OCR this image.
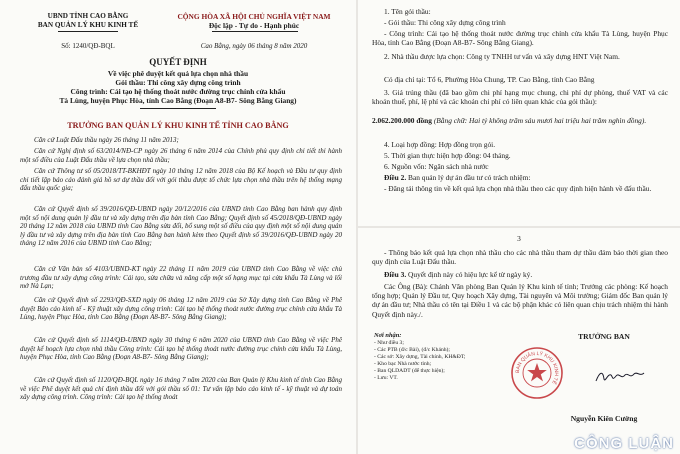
UBND TỈNH CAO BẰNG
BAN QUẢN LÝ KHU KINH TẾ
CỘNG HÒA XÃ HỘI CHỦ NGHĨA VIỆT NAM
Độc lập - Tự do - Hạnh phúc
Số: 1240/QĐ-BQL	Cao Bằng, ngày 06 tháng 8 năm 2020
QUYẾT ĐỊNH
Về việc phê duyệt kết quả lựa chọn nhà thầu
Gói thầu: Thi công xây dựng công trình
Công trình: Cải tạo hệ thống thoát nước đường trục chính cửa khẩu
Tà Lùng, huyện Phục Hòa, tỉnh Cao Bằng (Đoạn A8-B7- Sông Bằng Giang)
TRƯỞNG BAN QUẢN LÝ KHU KINH TẾ TỈNH CAO BẰNG
Căn cứ Luật Đấu thầu ngày 26 tháng 11 năm 2013;
Căn cứ Nghị định số 63/2014/NĐ-CP ngày 26 tháng 6 năm 2014 của Chính phủ quy định chi tiết thi hành một số điều của Luật Đấu thầu về lựa chọn nhà thầu;
Căn cứ Thông tư số 05/2018/TT-BKHĐT ngày 10 tháng 12 năm 2018 của Bộ Kế hoạch và Đầu tư quy định chi tiết lập báo cáo đánh giá hồ sơ dự thầu đối với gói thầu được tổ chức lựa chọn nhà thầu trên hệ thống mạng đấu thầu quốc gia;
Căn cứ Quyết định số 39/2016/QĐ-UBND ngày 20/12/2016 của UBND tỉnh Cao Bằng ban hành quy định một số nội dung quản lý đầu tư và xây dựng trên địa bàn tỉnh Cao Bằng; Quyết định số 45/2018/QĐ-UBND ngày 20 tháng 12 năm 2018 của UBND tỉnh Cao Bằng sửa đổi, bổ sung một số điều của quy định một số nội dung quản lý đầu tư và xây dựng trên địa bàn tỉnh Cao Bằng ban hành kèm theo Quyết định số 39/2016/QĐ-UBND ngày 20 tháng 12 năm 2016 của UBND tỉnh Cao Bằng;
Căn cứ Văn bản số 4103/UBND-KT ngày 22 tháng 11 năm 2019 của UBND tỉnh Cao Bằng về việc chủ trương đầu tư xây dựng công trình: Cải tạo, sửa chữa và nâng cấp một số hạng mục tại cửa khẩu Tà Lùng và lối mở Nà Lạn;
Căn cứ Quyết định số 2293/QĐ-SXD ngày 06 tháng 12 năm 2019 của Sở Xây dựng tỉnh Cao Bằng về Phê duyệt Báo cáo kinh tế - Kỹ thuật xây dựng công trình: Cải tạo hệ thống thoát nước đường trục chính cửa khẩu Tà Lùng, huyện Phục Hòa, tỉnh Cao Bằng (Đoạn A8-B7- Sông Bằng Giang);
Căn cứ Quyết định số 1114/QĐ-UBND ngày 30 tháng 6 năm 2020 của UBND tỉnh Cao Bằng về việc Phê duyệt kế hoạch lựa chọn nhà thầu Công trình: Cải tạo hệ thống thoát nước đường trục chính cửa khẩu Tà Lùng, huyện Phục Hòa, tỉnh Cao Bằng (Đoạn A8-B7- Sông Bằng Giang);
Căn cứ Quyết định số 1120/QĐ-BQL ngày 16 tháng 7 năm 2020 của Ban Quản lý Khu kinh tế tỉnh Cao Bằng về việc Phê duyệt kết quả chỉ định thầu đối với gói thầu số 01: Tư vấn lập báo cáo kinh tế - kỹ thuật và dự toán xây dựng công trình. Công trình: Cải tạo hệ thống thoát
1. Tên gói thầu:
- Gói thầu: Thi công xây dựng công trình
- Công trình: Cải tạo hệ thống thoát nước đường trục chính cửa khẩu Tà Lùng, huyện Phục Hòa, tỉnh Cao Bằng (Đoạn A8-B7- Sông Bằng Giang).
2. Nhà thầu được lựa chọn: Công ty TNHH tư vấn và xây dựng HNT Việt Nam.
Có địa chỉ tại: Tổ 6, Phường Hòa Chung, TP. Cao Bằng, tỉnh Cao Bằng
3. Giá trúng thầu (đã bao gồm chi phí hạng mục chung, chi phí dự phòng, thuế VAT và các khoản thuế, phí, lệ phí và các khoản chi phí có liên quan khác của gói thầu):
2.062.200.000 đồng (Bằng chữ: Hai tỷ không trăm sáu mươi hai triệu hai trăm nghìn đồng).
4. Loại hợp đồng: Hợp đồng trọn gói.
5. Thời gian thực hiện hợp đồng: 04 tháng.
6. Nguồn vốn: Ngân sách nhà nước
Điều 2. Ban quản lý dự án đầu tư có trách nhiệm:
- Đăng tải thông tin về kết quả lựa chọn nhà thầu theo các quy định hiện hành về đấu thầu.
3
- Thông báo kết quả lựa chọn nhà thầu cho các nhà thầu tham dự thầu đảm bảo thời gian theo quy định của Luật Đấu thầu.
Điều 3. Quyết định này có hiệu lực kể từ ngày ký.
Các Ông (Bà): Chánh Văn phòng Ban Quản lý Khu kinh tế tỉnh; Trưởng các phòng: Kế hoạch tổng hợp; Quản lý Đầu tư, Quy hoạch Xây dựng, Tài nguyên và Môi trường; Giám đốc Ban quản lý dự án đầu tư; Nhà thầu có tên tại Điều 1 và các bộ phận khác có liên quan chịu trách nhiệm thi hành Quyết định này./.
Nơi nhận:
- Như điều 3;
- Các PTB (đ/c Bài), (đ/c Khánh);
- Các sở: Xây dựng, Tài chính, KH&ĐT;
- Kho bạc Nhà nước tỉnh;
- Ban QLDADT (để thực hiện);
- Lưu: VT.
TRƯỞNG BAN
BAN QUẢN LÝ KHU KINH TẾ
Nguyễn Kiên Cường
CÔNG LUẬN
